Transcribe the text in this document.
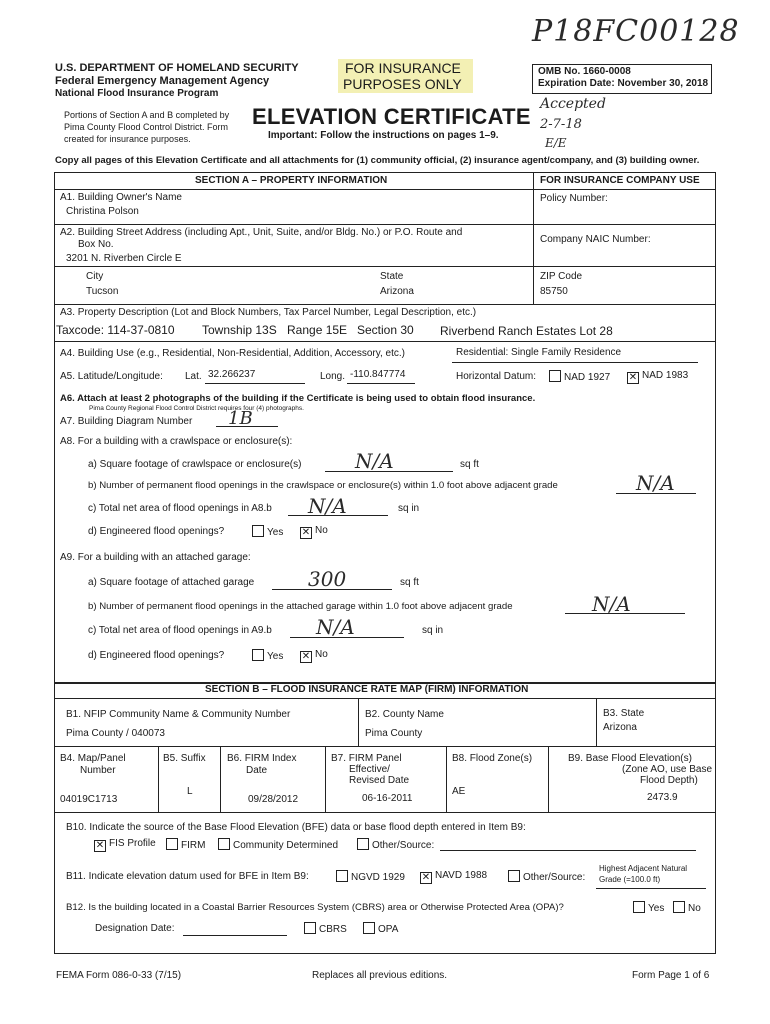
P18FC00128
Accepted
2-7-18
E/E
U.S. DEPARTMENT OF HOMELAND SECURITY
Federal Emergency Management Agency
National Flood Insurance Program
FOR INSURANCE
PURPOSES ONLY
OMB No. 1660-0008
Expiration Date: November 30, 2018
Portions of Section A and B completed by
Pima County Flood Control District. Form
created for insurance purposes.
ELEVATION CERTIFICATE
Important: Follow the instructions on pages 1–9.
Copy all pages of this Elevation Certificate and all attachments for (1) community official, (2) insurance agent/company, and (3) building owner.
SECTION A – PROPERTY INFORMATION	FOR INSURANCE COMPANY USE
A1. Building Owner's Name
Christina Polson
Policy Number:
A2. Building Street Address (including Apt., Unit, Suite, and/or Bldg. No.) or P.O. Route and
Box No.
3201 N. Riverben Circle E
Company NAIC Number:
City
Tucson
State
Arizona
ZIP Code
85750
A3. Property Description (Lot and Block Numbers, Tax Parcel Number, Legal Description, etc.)
Taxcode: 114-37-0810 Township 13S Range 15E Section 30 Riverbend Ranch Estates Lot 28
A4. Building Use (e.g., Residential, Non-Residential, Addition, Accessory, etc.)	Residential: Single Family Residence
A5. Latitude/Longitude: Lat. 32.266237	Long. -110.847774	Horizontal Datum:	NAD 1927 ✕ NAD 1983
A6. Attach at least 2 photographs of the building if the Certificate is being used to obtain flood insurance.
Pima County Regional Flood Control District requires four (4) photographs.
A7. Building Diagram Number 1B
A8. For a building with a crawlspace or enclosure(s):
a) Square footage of crawlspace or enclosure(s)	N/A	sq ft
b) Number of permanent flood openings in the crawlspace or enclosure(s) within 1.0 foot above adjacent grade	N/A
c) Total net area of flood openings in A8.b N/A	sq in
d) Engineered flood openings?	Yes ✕ No
A9. For a building with an attached garage:
a) Square footage of attached garage	300	sq ft
b) Number of permanent flood openings in the attached garage within 1.0 foot above adjacent grade	N/A
c) Total net area of flood openings in A9.b N/A	sq in
d) Engineered flood openings?	Yes ✕ No
SECTION B – FLOOD INSURANCE RATE MAP (FIRM) INFORMATION
B1. NFIP Community Name & Community Number
Pima County / 040073
B2. County Name
Pima County
B3. State
Arizona
B4. Map/Panel
Number
04019C1713
B5. Suffix
L
B6. FIRM Index
Date
09/28/2012
B7. FIRM Panel
Effective/
Revised Date
06-16-2011
B8. Flood Zone(s)
AE
B9. Base Flood Elevation(s)
(Zone AO, use Base
Flood Depth)
2473.9
B10. Indicate the source of the Base Flood Elevation (BFE) data or base flood depth entered in Item B9:
✕ FIS Profile	FIRM	Community Determined	Other/Source:
B11. Indicate elevation datum used for BFE in Item B9:	NGVD 1929 ✕ NAVD 1988	Other/Source:
Highest Adjacent Natural
Grade (=100.0 ft)
B12. Is the building located in a Coastal Barrier Resources System (CBRS) area or Otherwise Protected Area (OPA)?	Yes	No
Designation Date:	CBRS	OPA
FEMA Form 086-0-33 (7/15)	Replaces all previous editions.	Form Page 1 of 6
